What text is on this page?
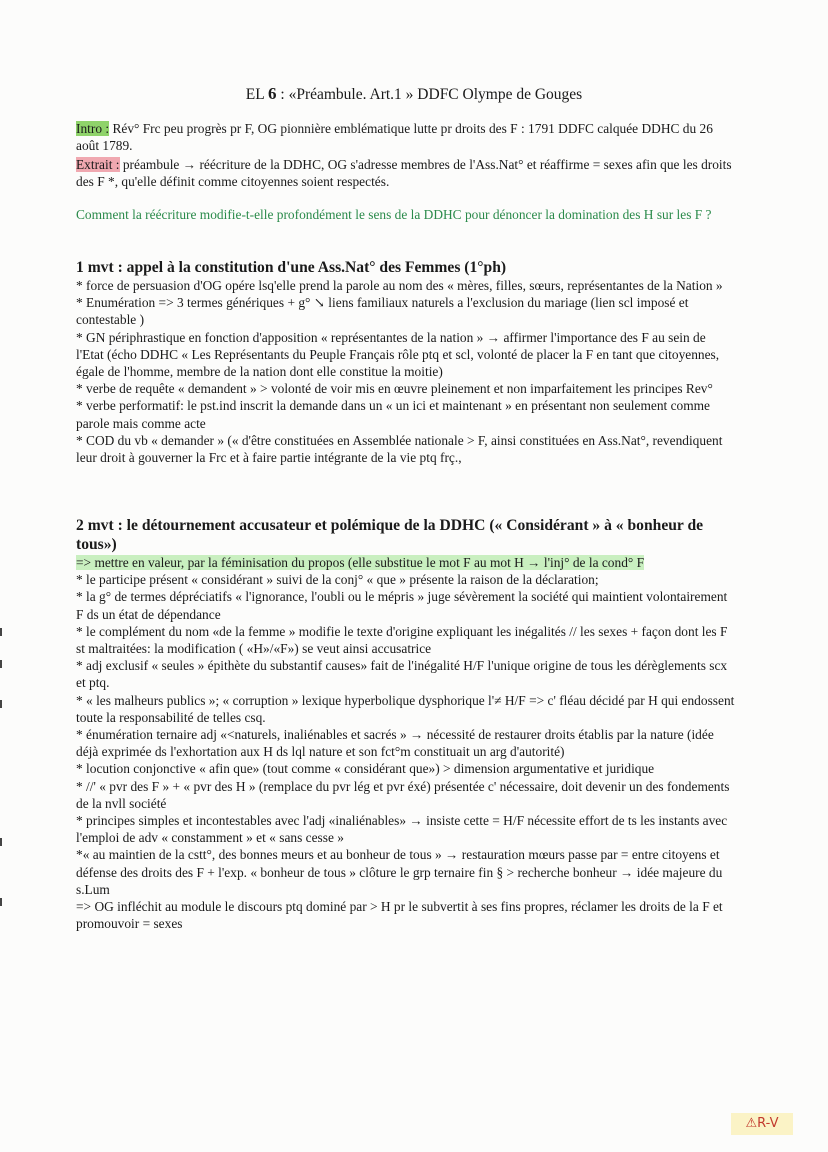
EL 6 : «Préambule. Art.1 » DDFC Olympe de Gouges
Intro : Rév° Frc peu progrès pr F, OG pionnière emblématique lutte pr droits des F : 1791 DDFC calquée DDHC du 26 août 1789.
Extrait : préambule → réécriture de la DDHC, OG s'adresse membres de l'Ass.Nat° et réaffirme = sexes afin que les droits des F *, qu'elle définit comme citoyennes soient respectés.
Comment la réécriture modifie-t-elle profondément le sens de la DDHC pour dénoncer la domination des H sur les F ?
1 mvt : appel à la constitution d'une Ass.Nat° des Femmes (1°ph)
* force de persuasion d'OG opére lsq'elle prend la parole au nom des « mères, filles, sœurs, représentantes de la Nation »
* Enumération => 3 termes génériques + g° ↘ liens familiaux naturels a l'exclusion du mariage (lien scl imposé et contestable )
* GN périphrastique en fonction d'apposition « représentantes de la nation » → affirmer l'importance des F au sein de l'Etat (écho DDHC « Les Représentants du Peuple Français rôle ptq et scl, volonté de placer la F en tant que citoyennes, égale de l'homme, membre de la nation dont elle constitue la moitie)
* verbe de requête « demandent » > volonté de voir mis en œuvre pleinement et non imparfaitement les principes Rev°
* verbe performatif: le pst.ind inscrit la demande dans un « un ici et maintenant » en présentant non seulement comme parole mais comme acte
* COD du vb « demander » (« d'être constituées en Assemblée nationale > F, ainsi constituées en Ass.Nat°, revendiquent leur droit à gouverner la Frc et à faire partie intégrante de la vie ptq frç.,
2 mvt : le détournement accusateur et polémique de la DDHC (« Considérant » à « bonheur de tous»)
=> mettre en valeur, par la féminisation du propos (elle substitue le mot F au mot H → l'inj° de la cond° F
* le participe présent « considérant » suivi de la conj° « que » présente la raison de la déclaration;
* la g° de termes dépréciatifs « l'ignorance, l'oubli ou le mépris » juge sévèrement la société qui maintient volontairement F ds un état de dépendance
* le complément du nom «de la femme » modifie le texte d'origine expliquant les inégalités // les sexes + façon dont les F st maltraitées: la modification ( «H»/«F») se veut ainsi accusatrice
* adj exclusif « seules » épithète du substantif causes» fait de l'inégalité H/F l'unique origine de tous les dérèglements scx et ptq.
* « les malheurs publics »; « corruption » lexique hyperbolique dysphorique l'≠ H/F => c' fléau décidé par H qui endossent toute la responsabilité de telles csq.
* énumération ternaire adj «<naturels, inaliénables et sacrés » → nécessité de restaurer droits établis par la nature (idée déjà exprimée ds l'exhortation aux H ds lql nature et son fct°m constituait un arg d'autorité)
* locution conjonctive « afin que» (tout comme « considérant que») > dimension argumentative et juridique
* //' « pvr des F » + « pvr des H » (remplace du pvr lég et pvr éxé) présentée c' nécessaire, doit devenir un des fondements de la nvll société
* principes simples et incontestables avec l'adj «inaliénables» → insiste cette = H/F nécessite effort de ts les instants avec l'emploi de adv « constamment » et « sans cesse »
*« au maintien de la cstt°, des bonnes meurs et au bonheur de tous » → restauration mœurs passe par = entre citoyens et défense des droits des F + l'exp. « bonheur de tous » clôture le grp ternaire fin § > recherche bonheur → idée majeure du s.Lum
=> OG infléchit au module le discours ptq dominé par > H pr le subvertit à ses fins propres, réclamer les droits de la F et promouvoir = sexes
⚠R-V
